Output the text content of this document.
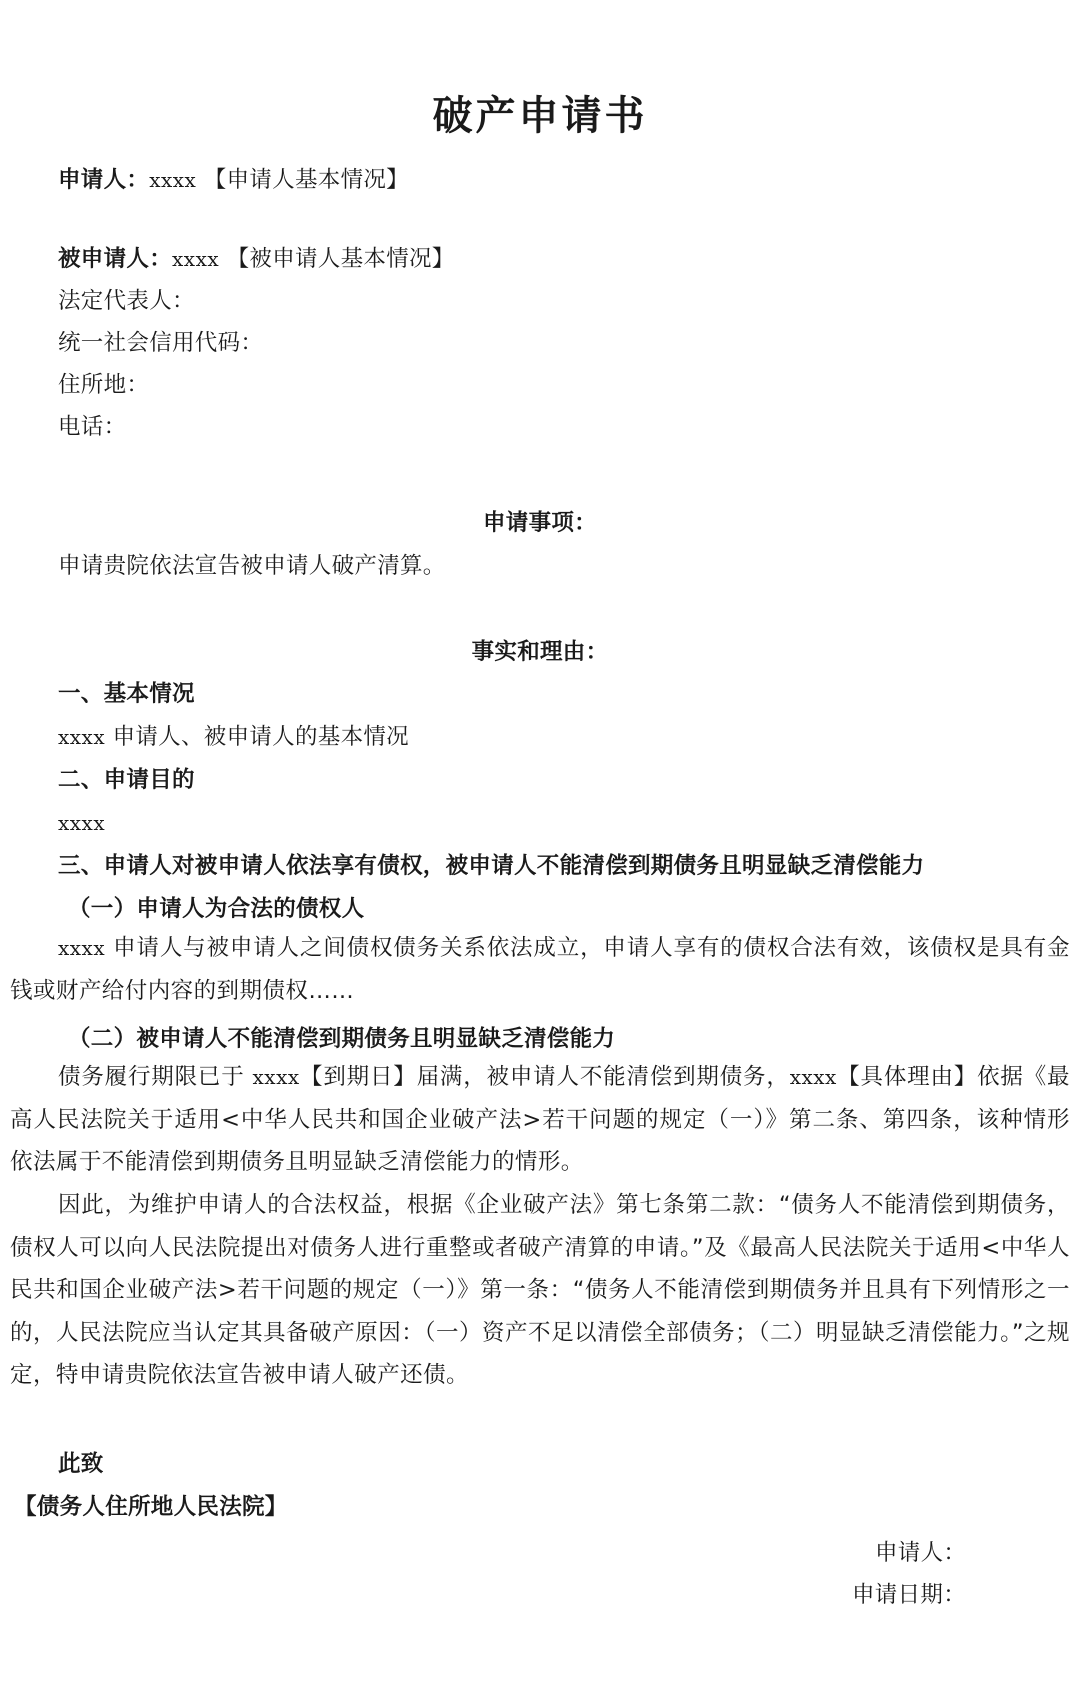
破产申请书
申请人：xxxx 【申请人基本情况】
被申请人：xxxx 【被申请人基本情况】
法定代表人：
统一社会信用代码：
住所地：
电话：
申请事项：
申请贵院依法宣告被申请人破产清算。
事实和理由：
一、基本情况
xxxx 申请人、被申请人的基本情况
二、申请目的
xxxx
三、申请人对被申请人依法享有债权，被申请人不能清偿到期债务且明显缺乏清偿能力
（一）申请人为合法的债权人

xxxx 申请人与被申请人之间债权债务关系依法成立，申请人享有的债权合法有效，该债权是具有金钱或财产给付内容的到期债权……

（二）被申请人不能清偿到期债务且明显缺乏清偿能力

债务履行期限已于 xxxx【到期日】届满，被申请人不能清偿到期债务，xxxx【具体理由】依据《最高人民法院关于适用<中华人民共和国企业破产法>若干问题的规定（一）》第二条、第四条，该种情形依法属于不能清偿到期债务且明显缺乏清偿能力的情形。

因此，为维护申请人的合法权益，根据《企业破产法》第七条第二款：“债务人不能清偿到期债务，债权人可以向人民法院提出对债务人进行重整或者破产清算的申请。”及《最高人民法院关于适用<中华人民共和国企业破产法>若干问题的规定（一）》第一条：“债务人不能清偿到期债务并且具有下列情形之一的，人民法院应当认定其具备破产原因：（一）资产不足以清偿全部债务；（二）明显缺乏清偿能力。”之规定，特申请贵院依法宣告被申请人破产还债。

此致
【债务人住所地人民法院】
申请人：
申请日期：
